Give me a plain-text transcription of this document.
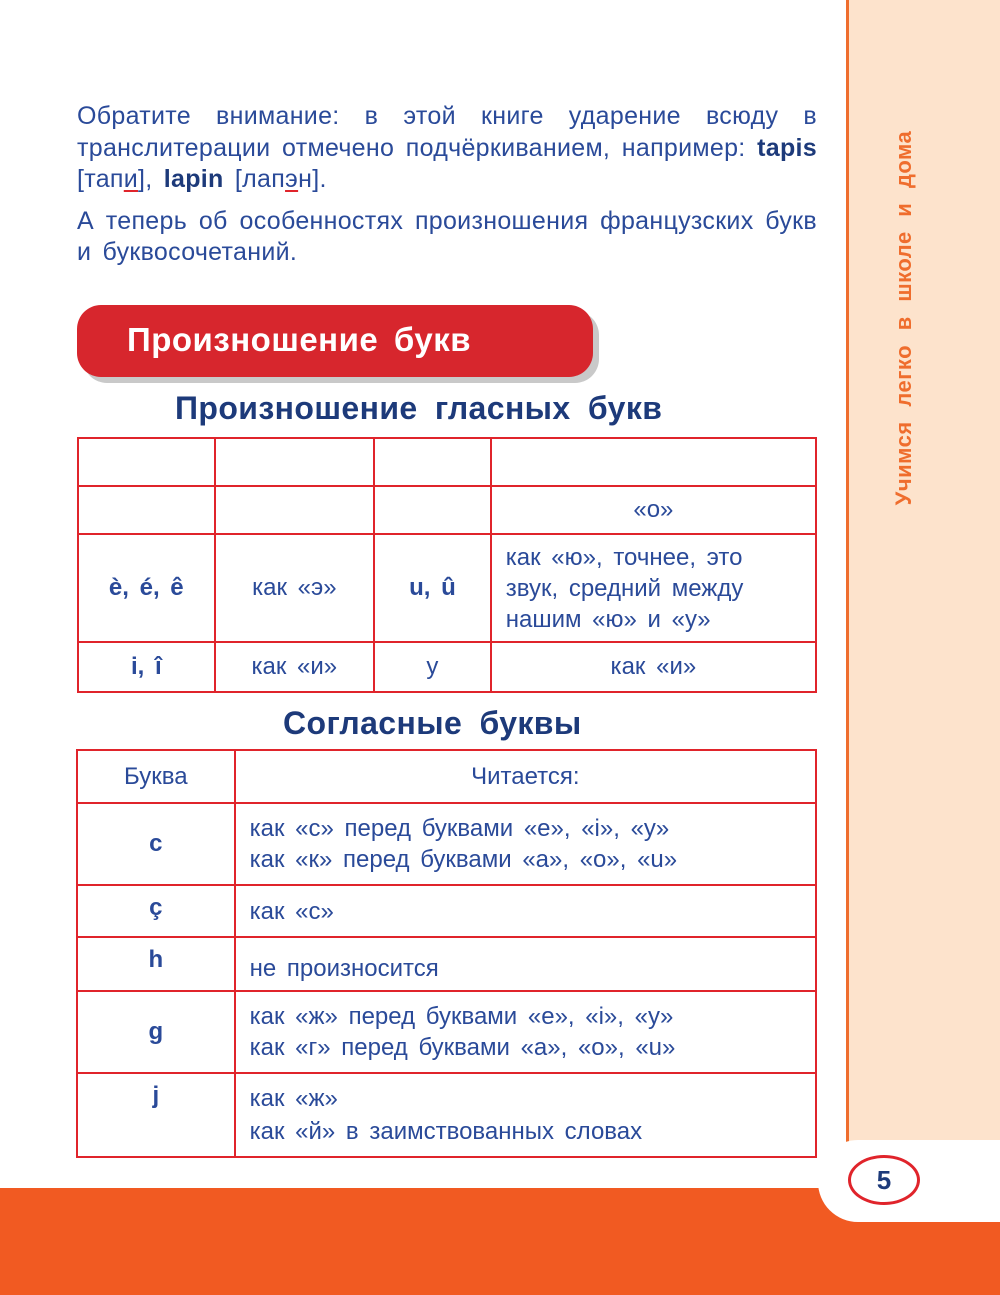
Учимся легко в школе и дома
5

Обратите внимание: в этой книге ударение всюду в транслитерации отмечено подчёркиванием, например: tapis [тапи], lapin [лапэн].

А теперь об особенностях произношения французских букв и буквосочетаний.

Произношение букв
Произношение гласных букв

			«о»
è, é, ê	как «э»	u, û	как «ю», точнее, это звук, средний между нашим «ю» и «у»
i, î	как «и»	y	как «и»
Согласные буквы
Буква	Читается:
c	как «с» перед буквами «е», «i», «y»
как «к» перед буквами «а», «о», «u»

ç	как «с»

h	не произносится

g	как «ж» перед буквами «е», «i», «y»
как «г» перед буквами «а», «о», «u»

j	как «ж»
как «й» в заимствованных словах
